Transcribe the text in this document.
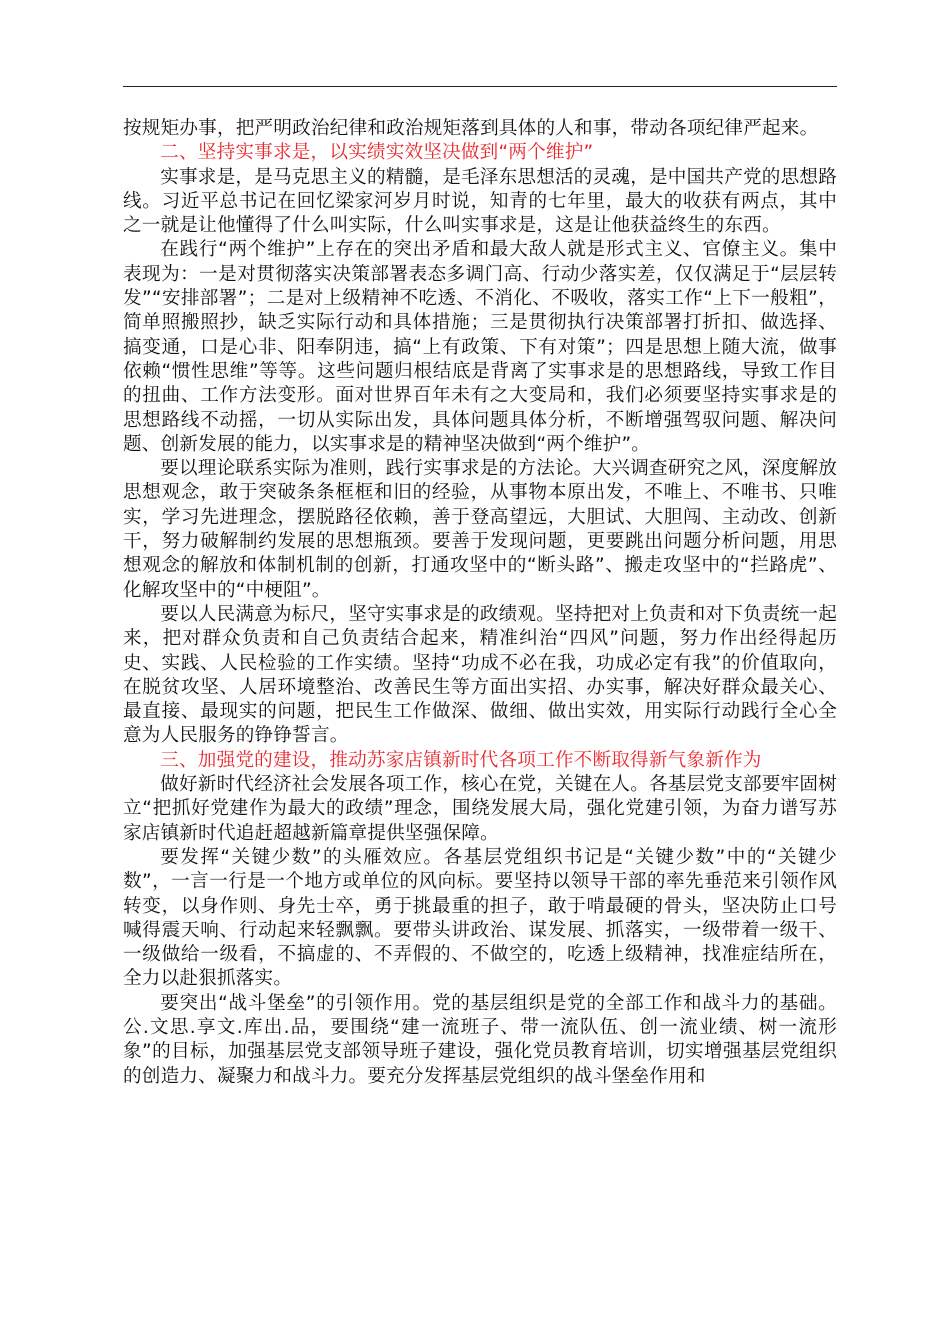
按规矩办事，把严明政治纪律和政治规矩落到具体的人和事，带动各项纪律严起来。

二、坚持实事求是，以实绩实效坚决做到“两个维护”

实事求是，是马克思主义的精髓，是毛泽东思想活的灵魂，是中国共产党的思想路线。习近平总书记在回忆梁家河岁月时说，知青的七年里，最大的收获有两点，其中之一就是让他懂得了什么叫实际，什么叫实事求是，这是让他获益终生的东西。

在践行“两个维护”上存在的突出矛盾和最大敌人就是形式主义、官僚主义。集中表现为：一是对贯彻落实决策部署表态多调门高、行动少落实差，仅仅满足于“层层转发”“安排部署”；二是对上级精神不吃透、不消化、不吸收，落实工作“上下一般粗”，简单照搬照抄，缺乏实际行动和具体措施；三是贯彻执行决策部署打折扣、做选择、搞变通，口是心非、阳奉阴违，搞“上有政策、下有对策”；四是思想上随大流，做事依赖“惯性思维”等等。这些问题归根结底是背离了实事求是的思想路线，导致工作目的扭曲、工作方法变形。面对世界百年未有之大变局和，我们必须要坚持实事求是的思想路线不动摇，一切从实际出发，具体问题具体分析，不断增强驾驭问题、解决问题、创新发展的能力，以实事求是的精神坚决做到“两个维护”。

要以理论联系实际为准则，践行实事求是的方法论。大兴调查研究之风，深度解放思想观念，敢于突破条条框框和旧的经验，从事物本原出发，不唯上、不唯书、只唯实，学习先进理念，摆脱路径依赖，善于登高望远，大胆试、大胆闯、主动改、创新干，努力破解制约发展的思想瓶颈。要善于发现问题，更要跳出问题分析问题，用思想观念的解放和体制机制的创新，打通攻坚中的“断头路”、搬走攻坚中的“拦路虎”、化解攻坚中的“中梗阻”。

要以人民满意为标尺，坚守实事求是的政绩观。坚持把对上负责和对下负责统一起来，把对群众负责和自己负责结合起来，精准纠治“四风”问题，努力作出经得起历史、实践、人民检验的工作实绩。坚持“功成不必在我，功成必定有我”的价值取向，在脱贫攻坚、人居环境整治、改善民生等方面出实招、办实事，解决好群众最关心、最直接、最现实的问题，把民生工作做深、做细、做出实效，用实际行动践行全心全意为人民服务的铮铮誓言。

三、加强党的建设，推动苏家店镇新时代各项工作不断取得新气象新作为

做好新时代经济社会发展各项工作，核心在党，关键在人。各基层党支部要牢固树立“把抓好党建作为最大的政绩”理念，围绕发展大局，强化党建引领，为奋力谱写苏家店镇新时代追赶超越新篇章提供坚强保障。

要发挥“关键少数”的头雁效应。各基层党组织书记是“关键少数”中的“关键少数”，一言一行是一个地方或单位的风向标。要坚持以领导干部的率先垂范来引领作风转变，以身作则、身先士卒，勇于挑最重的担子，敢于啃最硬的骨头，坚决防止口号喊得震天响、行动起来轻飘飘。要带头讲政治、谋发展、抓落实，一级带着一级干、一级做给一级看，不搞虚的、不弄假的、不做空的，吃透上级精神，找准症结所在，全力以赴狠抓落实。

要突出“战斗堡垒”的引领作用。党的基层组织是党的全部工作和战斗力的基础。公.文思.享文.库出.品，要围绕“建一流班子、带一流队伍、创一流业绩、树一流形象”的目标，加强基层党支部领导班子建设，强化党员教育培训，切实增强基层党组织的创造力、凝聚力和战斗力。要充分发挥基层党组织的战斗堡垒作用和
